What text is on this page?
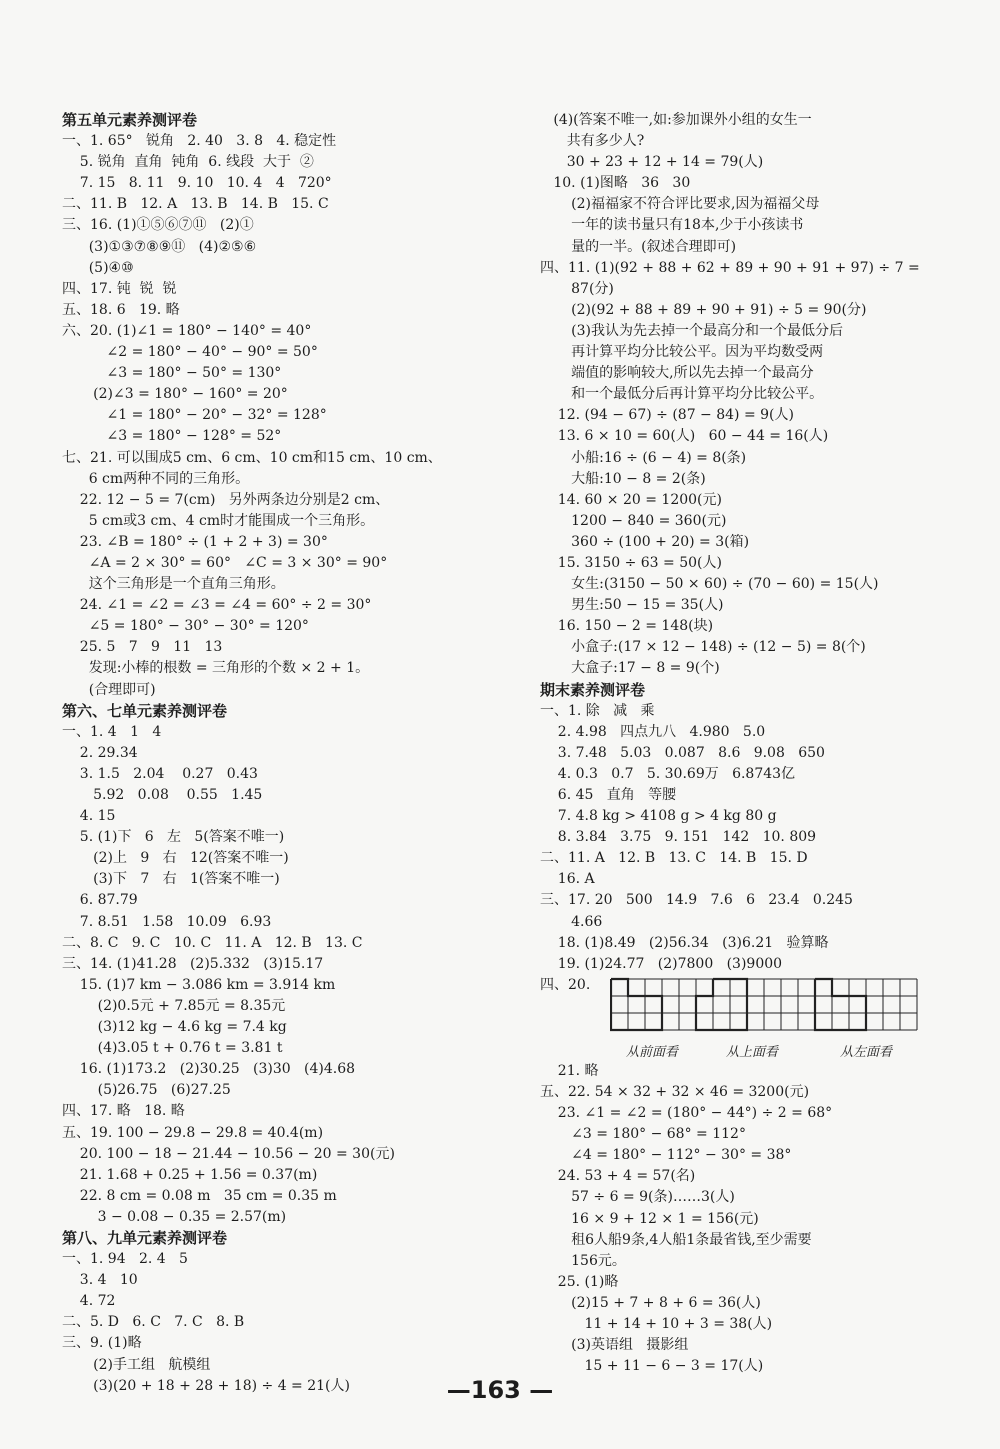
第五单元素养测评卷
一、1. 65°   锐角   2. 40   3. 8   4. 稳定性
5. 锐角  直角  钝角  6. 线段  大于  ②
7. 15   8. 11   9. 10   10. 4   4   720°
二、11. B   12. A   13. B   14. B   15. C
三、16. (1)①⑤⑥⑦⑪   (2)①
(3)①③⑦⑧⑨⑪   (4)②⑤⑥
(5)④⑩
四、17. 钝  锐  锐
五、18. 6   19. 略
六、20. (1)∠1 = 180° − 140° = 40°
∠2 = 180° − 40° − 90° = 50°
∠3 = 180° − 50° = 130°
(2)∠3 = 180° − 160° = 20°
∠1 = 180° − 20° − 32° = 128°
∠3 = 180° − 128° = 52°
七、21. 可以围成5 cm、6 cm、10 cm和15 cm、10 cm、
6 cm两种不同的三角形。
22. 12 − 5 = 7(cm)   另外两条边分别是2 cm、
5 cm或3 cm、4 cm时才能围成一个三角形。
23. ∠B = 180° ÷ (1 + 2 + 3) = 30°
∠A = 2 × 30° = 60°   ∠C = 3 × 30° = 90°
这个三角形是一个直角三角形。
24. ∠1 = ∠2 = ∠3 = ∠4 = 60° ÷ 2 = 30°
∠5 = 180° − 30° − 30° = 120°
25. 5   7   9   11   13
发现:小棒的根数 = 三角形的个数 × 2 + 1。
(合理即可)
第六、七单元素养测评卷
一、1. 4   1   4
2. 29.34
3. 1.5   2.04    0.27   0.43
5.92   0.08    0.55   1.45
4. 15
5. (1)下   6   左   5(答案不唯一)
(2)上   9   右   12(答案不唯一)
(3)下   7   右   1(答案不唯一)
6. 87.79
7. 8.51   1.58   10.09   6.93
二、8. C   9. C   10. C   11. A   12. B   13. C
三、14. (1)41.28   (2)5.332   (3)15.17
15. (1)7 km − 3.086 km = 3.914 km
(2)0.5元 + 7.85元 = 8.35元
(3)12 kg − 4.6 kg = 7.4 kg
(4)3.05 t + 0.76 t = 3.81 t
16. (1)173.2   (2)30.25   (3)30   (4)4.68
(5)26.75   (6)27.25
四、17. 略   18. 略
五、19. 100 − 29.8 − 29.8 = 40.4(m)
20. 100 − 18 − 21.44 − 10.56 − 20 = 30(元)
21. 1.68 + 0.25 + 1.56 = 0.37(m)
22. 8 cm = 0.08 m   35 cm = 0.35 m
3 − 0.08 − 0.35 = 2.57(m)
第八、九单元素养测评卷
一、1. 94   2. 4   5
3. 4   10
4. 72
二、5. D   6. C   7. C   8. B
三、9. (1)略
(2)手工组   航模组
(3)(20 + 18 + 28 + 18) ÷ 4 = 21(人)
(4)(答案不唯一,如:参加课外小组的女生一
共有多少人?
30 + 23 + 12 + 14 = 79(人)
10. (1)图略   36   30
(2)福福家不符合评比要求,因为福福父母
一年的读书量只有18本,少于小孩读书
量的一半。(叙述合理即可)
四、11. (1)(92 + 88 + 62 + 89 + 90 + 91 + 97) ÷ 7 =
87(分)
(2)(92 + 88 + 89 + 90 + 91) ÷ 5 = 90(分)
(3)我认为先去掉一个最高分和一个最低分后
再计算平均分比较公平。因为平均数受两
端值的影响较大,所以先去掉一个最高分
和一个最低分后再计算平均分比较公平。
12. (94 − 67) ÷ (87 − 84) = 9(人)
13. 6 × 10 = 60(人)   60 − 44 = 16(人)
小船:16 ÷ (6 − 4) = 8(条)
大船:10 − 8 = 2(条)
14. 60 × 20 = 1200(元)
1200 − 840 = 360(元)
360 ÷ (100 + 20) = 3(箱)
15. 3150 ÷ 63 = 50(人)
女生:(3150 − 50 × 60) ÷ (70 − 60) = 15(人)
男生:50 − 15 = 35(人)
16. 150 − 2 = 148(块)
小盒子:(17 × 12 − 148) ÷ (12 − 5) = 8(个)
大盒子:17 − 8 = 9(个)
期末素养测评卷
一、1. 除   减   乘
2. 4.98   四点九八   4.980   5.0
3. 7.48   5.03   0.087   8.6   9.08   650
4. 0.3   0.7   5. 30.69万   6.8743亿
6. 45   直角   等腰
7. 4.8 kg > 4108 g > 4 kg 80 g
8. 3.84   3.75   9. 151   142   10. 809
二、11. A   12. B   13. C   14. B   15. D
16. A
三、17. 20   500   14.9   7.6   6   23.4   0.245
4.66
18. (1)8.49   (2)56.34   (3)6.21   验算略
19. (1)24.77   (2)7800   (3)9000
四、20.
从前面看	从上面看	从左面看
21. 略
五、22. 54 × 32 + 32 × 46 = 3200(元)
23. ∠1 = ∠2 = (180° − 44°) ÷ 2 = 68°
∠3 = 180° − 68° = 112°
∠4 = 180° − 112° − 30° = 38°
24. 53 + 4 = 57(名)
57 ÷ 6 = 9(条)……3(人)
16 × 9 + 12 × 1 = 156(元)
租6人船9条,4人船1条最省钱,至少需要
156元。
25. (1)略
(2)15 + 7 + 8 + 6 = 36(人)
11 + 14 + 10 + 3 = 38(人)
(3)英语组   摄影组
15 + 11 − 6 − 3 = 17(人)
—163 —
